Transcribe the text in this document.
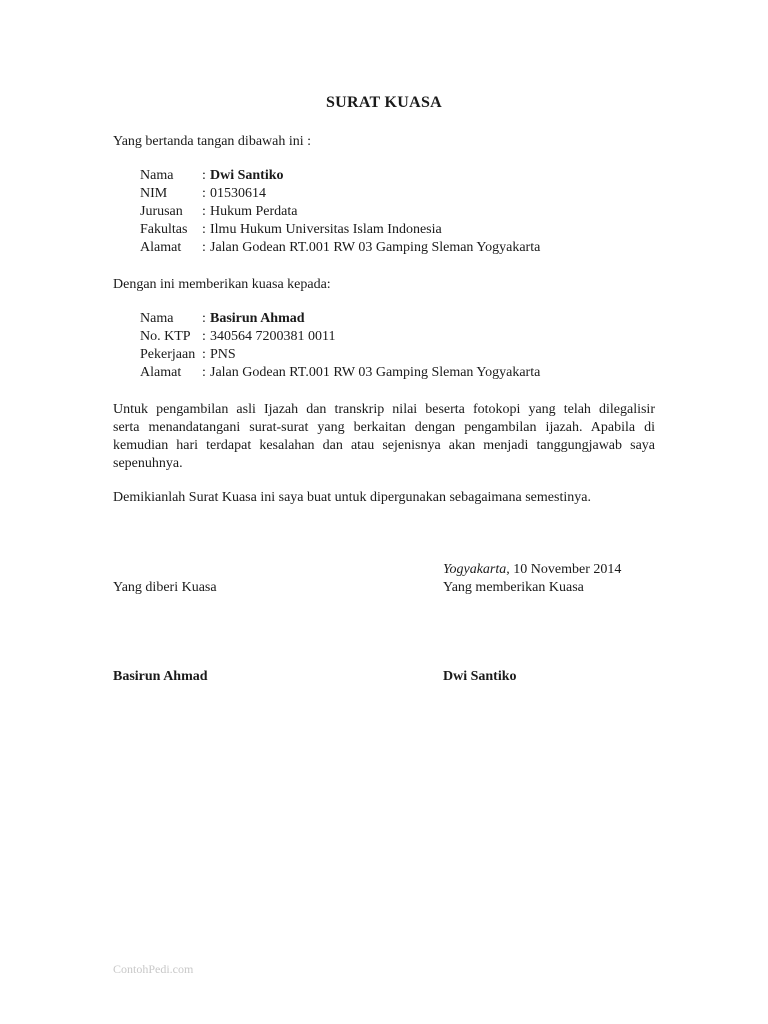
SURAT KUASA
Yang bertanda tangan dibawah ini :
Nama	:	Dwi Santiko
NIM	:	01530614
Jurusan	:	Hukum Perdata
Fakultas	:	Ilmu Hukum Universitas Islam Indonesia
Alamat	:	Jalan Godean RT.001 RW 03 Gamping Sleman Yogyakarta
Dengan ini memberikan kuasa kepada:
Nama	:	Basirun Ahmad
No. KTP	:	340564 7200381 0011
Pekerjaan	:	PNS
Alamat	:	Jalan Godean RT.001 RW 03 Gamping Sleman Yogyakarta
Untuk pengambilan asli Ijazah dan transkrip nilai beserta fotokopi yang telah dilegalisir
serta menandatangani surat-surat yang berkaitan dengan pengambilan ijazah. Apabila di
kemudian hari terdapat kesalahan dan atau sejenisnya akan menjadi tanggungjawab saya
sepenuhnya.
Demikianlah Surat Kuasa ini saya buat untuk dipergunakan sebagaimana semestinya.
Yogyakarta, 10 November 2014
Yang diberi Kuasa	Yang memberikan Kuasa
Basirun Ahmad	Dwi Santiko
ContohPedi.com
